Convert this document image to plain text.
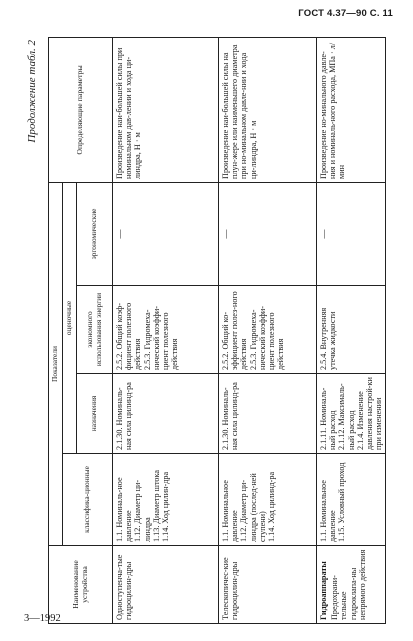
ГОСТ 4.37—90 С. 11
Продолжение табл. 2
Наименование устройства	Показатели				Определяющие параметры
	классифика-ционные	оценочные			
		назначения	экономного использования энергии	эргономические	

Одноступенча-тые гидроцилин-дры	1.1. Номиналь-ное давление
1.12. Диаметр ци-линдра
1.13. Диаметр штока
1.14. Ход цилин-дра	2.1.30. Номиналь-ная сила цилинд-ра	2.5.2. Общий коэф-фициент полезного действия
2.5.3. Гидромеха-нический коэффи-циент полезного действия	—	Произведение наи-большей силы при номинальном дав-лении и хода ци-линдра, Н · м

Телескопичес-кие гидроцилин-дры	1.1. Номинальное давление
1.12. Диаметр ци-линдра (послед-ней ступени)
1.14. Ход цилинд-ра	2.1.30. Номиналь-ная сила цилинд-ра	2.5.2. Общий ко-эффициент полез-ного действия
2.5.3. Гидромеха-нический коэффи-циент полезного действия	—	Произведение наи-большей силы на плун-жере или наименьшего диаметра при но-минальном давле-нии и хода ци-линдра, Н · м

Гидроаппараты Предохрани-тельные гидроклапа-ны непрямого действия	1.1. Номинальное давление
1.15. Условный проход	2.1.11. Номиналь-ный расход
2.1.12. Максималь-ный расход
2.1.4. Изменение давления настрой-ки при изменении	2.5.4. Внутренняя утечка жидкости	—	Произведение но-минального давле-ния и номиналь-ного расхода, МПа · л/мин
3—1992
